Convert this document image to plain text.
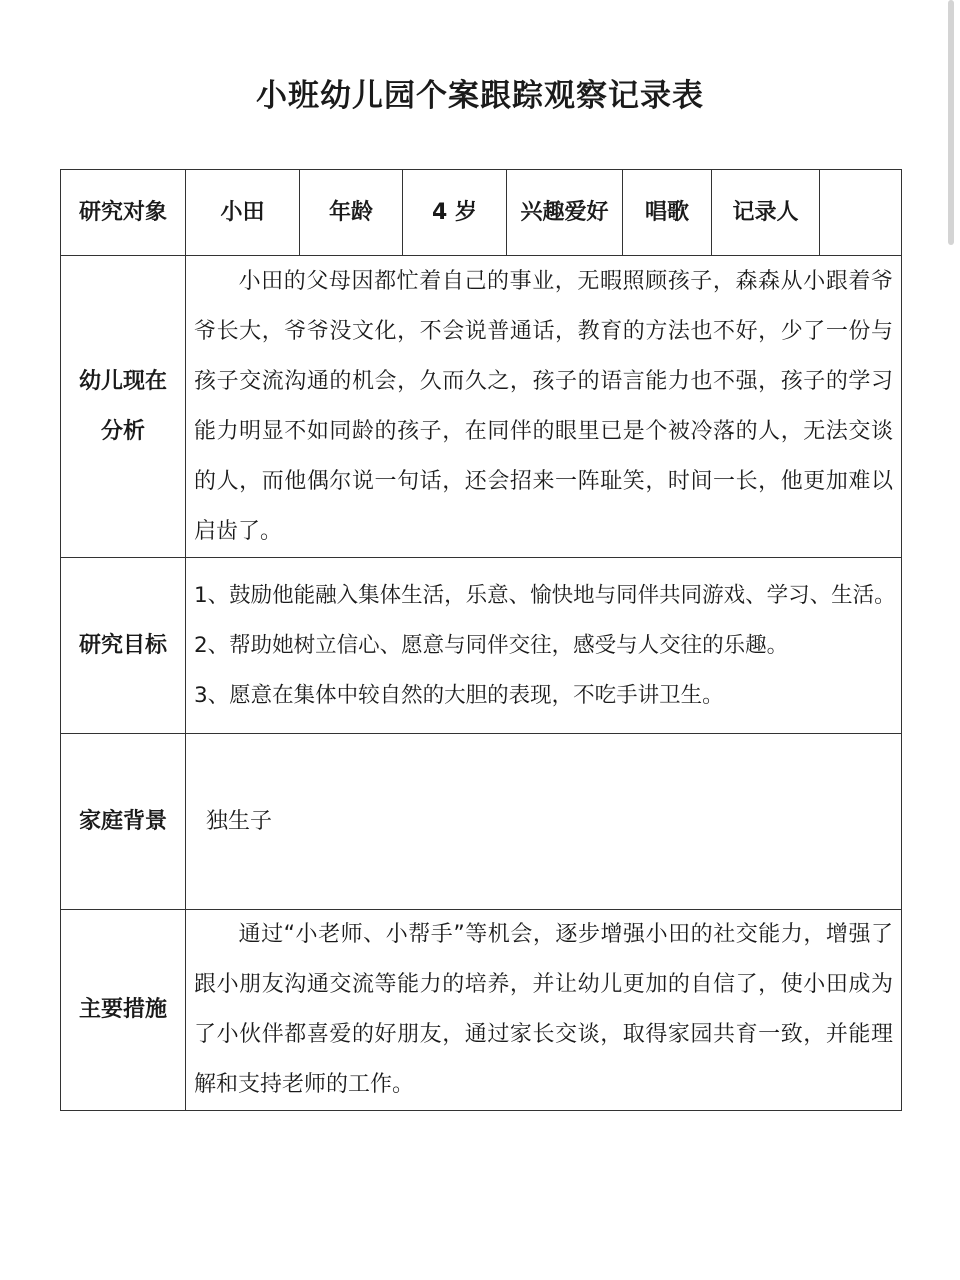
小班幼儿园个案跟踪观察记录表
研究对象	小田	年龄	4 岁	兴趣爱好	唱歌	记录人	

幼儿现在
分析	小田的父母因都忙着自己的事业，无暇照顾孩子，森森从小跟着爷爷长大，爷爷没文化，不会说普通话，教育的方法也不好，少了一份与孩子交流沟通的机会，久而久之，孩子的语言能力也不强，孩子的学习能力明显不如同龄的孩子，在同伴的眼里已是个被冷落的人，无法交谈的人，而他偶尔说一句话，还会招来一阵耻笑，时间一长，他更加难以启齿了。						
研究目标	1、鼓励他能融入集体生活，乐意、愉快地与同伴共同游戏、学习、生活。
2、帮助她树立信心、愿意与同伴交往，感受与人交往的乐趣。
3、愿意在集体中较自然的大胆的表现，不吃手讲卫生。						

家庭背景	独生子						
主要措施	通过“小老师、小帮手”等机会，逐步增强小田的社交能力，增强了跟小朋友沟通交流等能力的培养，并让幼儿更加的自信了，使小田成为了小伙伴都喜爱的好朋友，通过家长交谈，取得家园共育一致，并能理解和支持老师的工作。						
